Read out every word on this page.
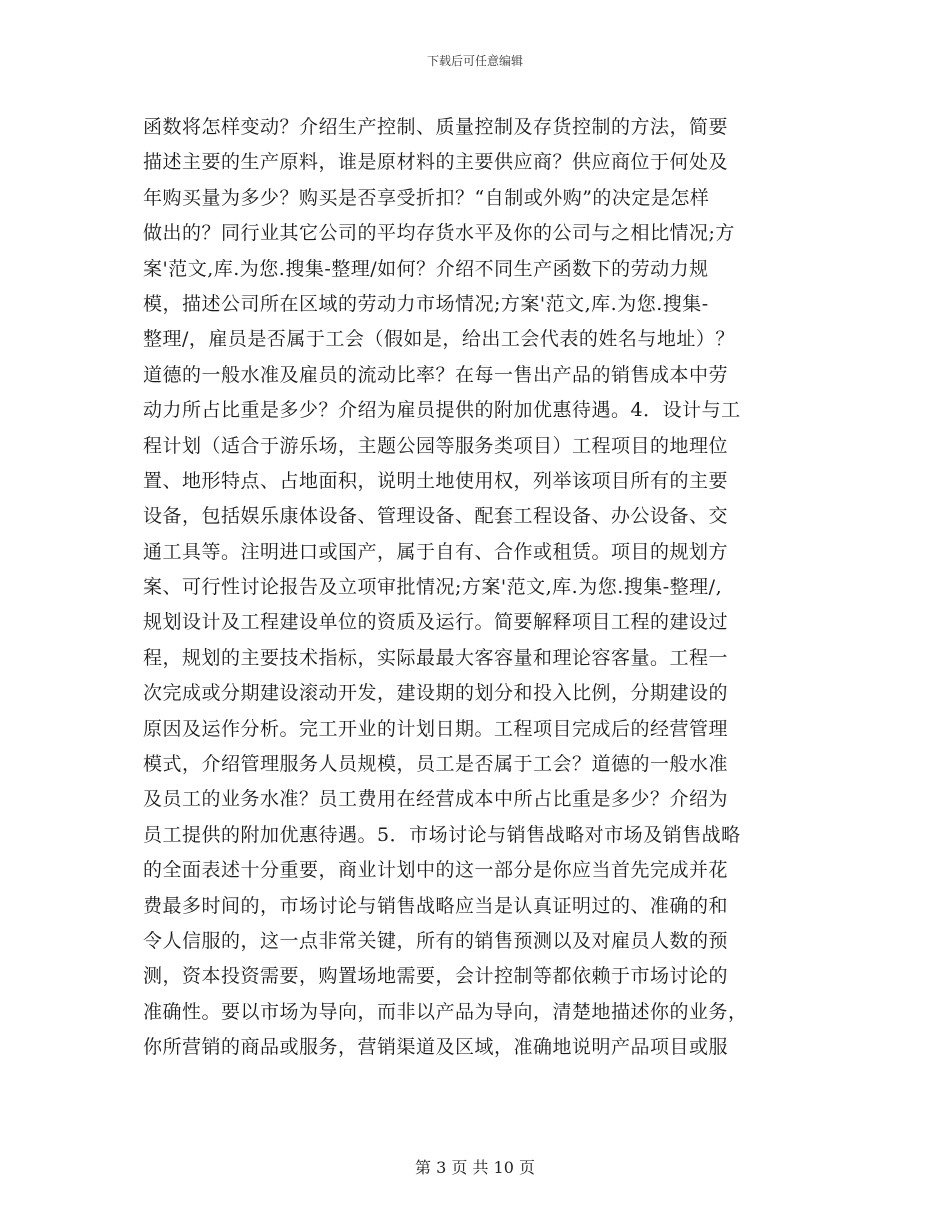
下载后可任意编辑
函数将怎样变动？介绍生产控制、质量控制及存货控制的方法，简要
描述主要的生产原料，谁是原材料的主要供应商？供应商位于何处及
年购买量为多少？购买是否享受折扣？“自制或外购”的决定是怎样
做出的？同行业其它公司的平均存货水平及你的公司与之相比情况;方
案'范文,库.为您.搜集-整理/如何？介绍不同生产函数下的劳动力规
模，描述公司所在区域的劳动力市场情况;方案'范文,库.为您.搜集-
整理/，雇员是否属于工会（假如是，给出工会代表的姓名与地址）？
道德的一般水准及雇员的流动比率？在每一售出产品的销售成本中劳
动力所占比重是多少？介绍为雇员提供的附加优惠待遇。4．设计与工
程计划（适合于游乐场，主题公园等服务类项目）工程项目的地理位
置、地形特点、占地面积，说明土地使用权，列举该项目所有的主要
设备，包括娱乐康体设备、管理设备、配套工程设备、办公设备、交
通工具等。注明进口或国产，属于自有、合作或租赁。项目的规划方
案、可行性讨论报告及立项审批情况;方案'范文,库.为您.搜集-整理/,
规划设计及工程建设单位的资质及运行。简要解释项目工程的建设过
程，规划的主要技术指标，实际最最大客容量和理论容客量。工程一
次完成或分期建设滚动开发，建设期的划分和投入比例，分期建设的
原因及运作分析。完工开业的计划日期。工程项目完成后的经营管理
模式，介绍管理服务人员规模，员工是否属于工会？道德的一般水准
及员工的业务水准？员工费用在经营成本中所占比重是多少？介绍为
员工提供的附加优惠待遇。5．市场讨论与销售战略对市场及销售战略
的全面表述十分重要，商业计划中的这一部分是你应当首先完成并花
费最多时间的，市场讨论与销售战略应当是认真证明过的、准确的和
令人信服的，这一点非常关键，所有的销售预测以及对雇员人数的预
测，资本投资需要，购置场地需要，会计控制等都依赖于市场讨论的
准确性。要以市场为导向，而非以产品为导向，清楚地描述你的业务，
你所营销的商品或服务，营销渠道及区域，准确地说明产品项目或服
第 3 页 共 10 页
